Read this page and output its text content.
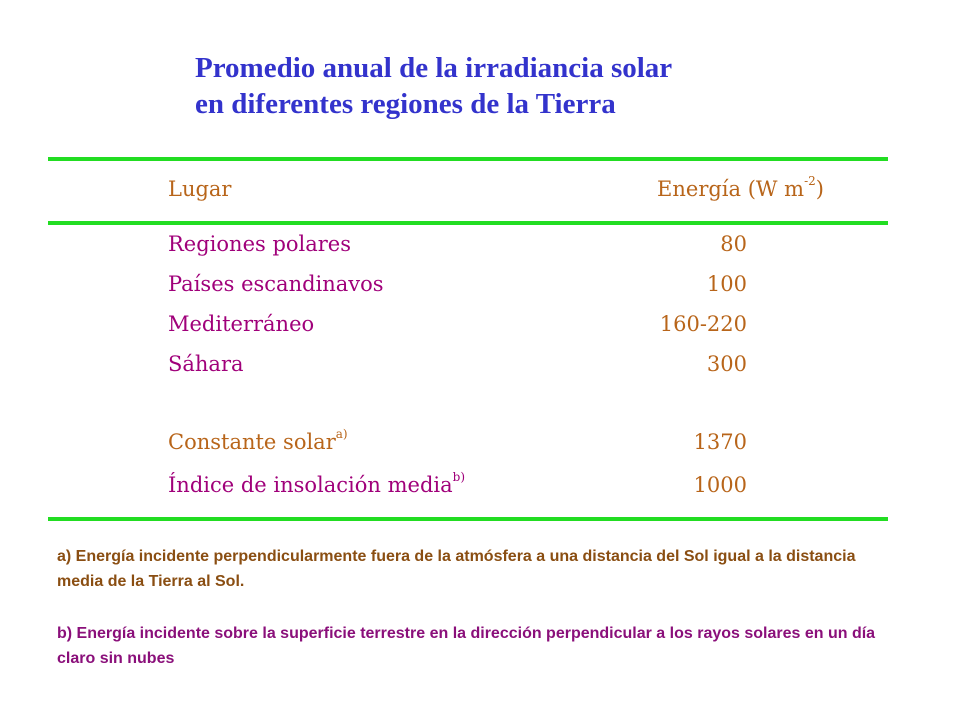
Promedio anual de la irradiancia solar
en diferentes regiones de la Tierra
Lugar	Energía (W $m^{-2}$)
Regiones polares	80
Países escandinavos	100
Mediterráneo	160-220
Sáhara	300
Constante solar$^{a)}$	1370
Índice de insolación media$^{b)}$	1000
a) Energía incidente perpendicularmente fuera de la atmósfera a una distancia del Sol igual a la distancia media de la Tierra al Sol.
b) Energía incidente sobre la superficie terrestre en la dirección perpendicular a los rayos solares en un día claro sin nubes
